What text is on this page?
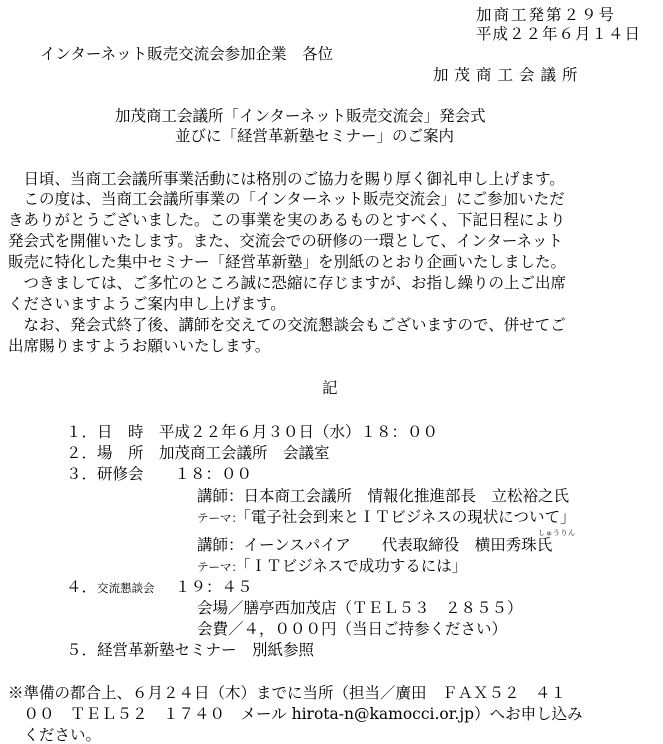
加商工発第２９号
平成２２年６月１４日
インターネット販売交流会参加企業　各位
加茂商工会議所
加茂商工会議所「インターネット販売交流会」発会式
並びに「経営革新塾セミナー」のご案内
　日頃、当商工会議所事業活動には格別のご協力を賜り厚く御礼申し上げます。
　この度は、当商工会議所事業の「インターネット販売交流会」にご参加いただ
きありがとうございました。この事業を実のあるものとすべく、下記日程により
発会式を開催いたします。また、交流会での研修の一環として、インターネット
販売に特化した集中セミナー「経営革新塾」を別紙のとおり企画いたしました。
　つきましては、ご多忙のところ誠に恐縮に存じますが、お指し繰りの上ご出席
くださいますようご案内申し上げます。
　なお、発会式終了後、講師を交えての交流懇談会もございますので、併せてご
出席賜りますようお願いいたします。
記
１．日　時　平成２２年６月３０日（水）１８：００
２．場　所　加茂商工会議所　会議室
３．研修会　　１８：００
講師：日本商工会議所　情報化推進部長　立松裕之氏
テーマ：「電子社会到来とＩＴビジネスの現状について」
講師：イーンスパイア　　代表取締役　横田秀珠氏
しゅうりん
テーマ：「ＩＴビジネスで成功するには」
４．交流懇談会 １９：４５
会場／膳亭西加茂店（ＴＥＬ５３　２８５５）
会費／４，０００円（当日ご持参ください）
５．経営革新塾セミナー　別紙参照
※準備の都合上、６月２４日（木）までに当所（担当／廣田　ＦＡＸ５２　４１
　００　ＴＥＬ５２　１７４０　メール hirota-n@kamocci.or.jp）へお申し込み
　ください。
